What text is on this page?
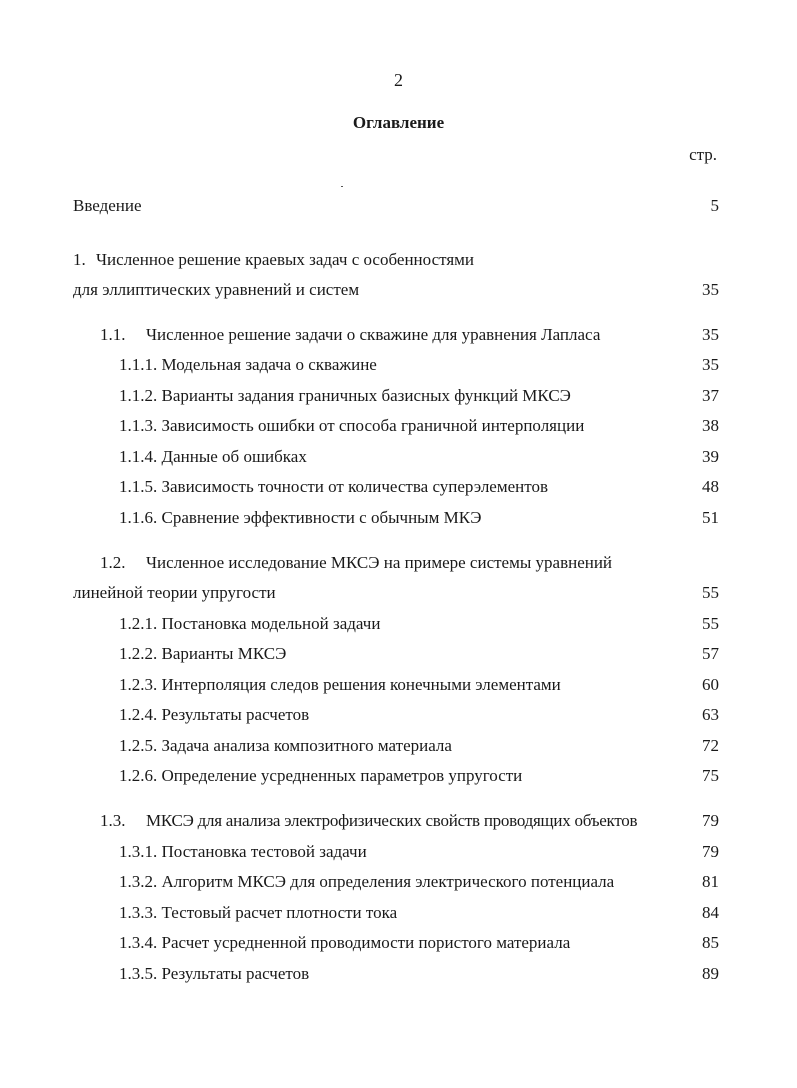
2
Оглавление
стр.
Введение	5
1. Численное решение краевых задач с особенностями
для эллиптических уравнений и систем	35
1.1. Численное решение задачи о скважине для уравнения Лапласа	35
1.1.1. Модельная задача о скважине	35
1.1.2. Варианты задания граничных базисных функций МКСЭ	37
1.1.3. Зависимость ошибки от способа граничной интерполяции	38
1.1.4. Данные об ошибках	39
1.1.5. Зависимость точности от количества суперэлементов	48
1.1.6. Сравнение эффективности с обычным МКЭ	51
1.2. Численное исследование МКСЭ на примере системы уравнений
линейной теории упругости	55
1.2.1. Постановка модельной задачи	55
1.2.2. Варианты МКСЭ	57
1.2.3. Интерполяция следов решения конечными элементами	60
1.2.4. Результаты расчетов	63
1.2.5. Задача анализа композитного материала	72
1.2.6. Определение усредненных параметров упругости	75
1.3. МКСЭ для анализа электрофизических свойств проводящих объектов	79
1.3.1. Постановка тестовой задачи	79
1.3.2. Алгоритм МКСЭ для определения электрического потенциала	81
1.3.3. Тестовый расчет плотности тока	84
1.3.4. Расчет усредненной проводимости пористого материала	85
1.3.5. Результаты расчетов	89
